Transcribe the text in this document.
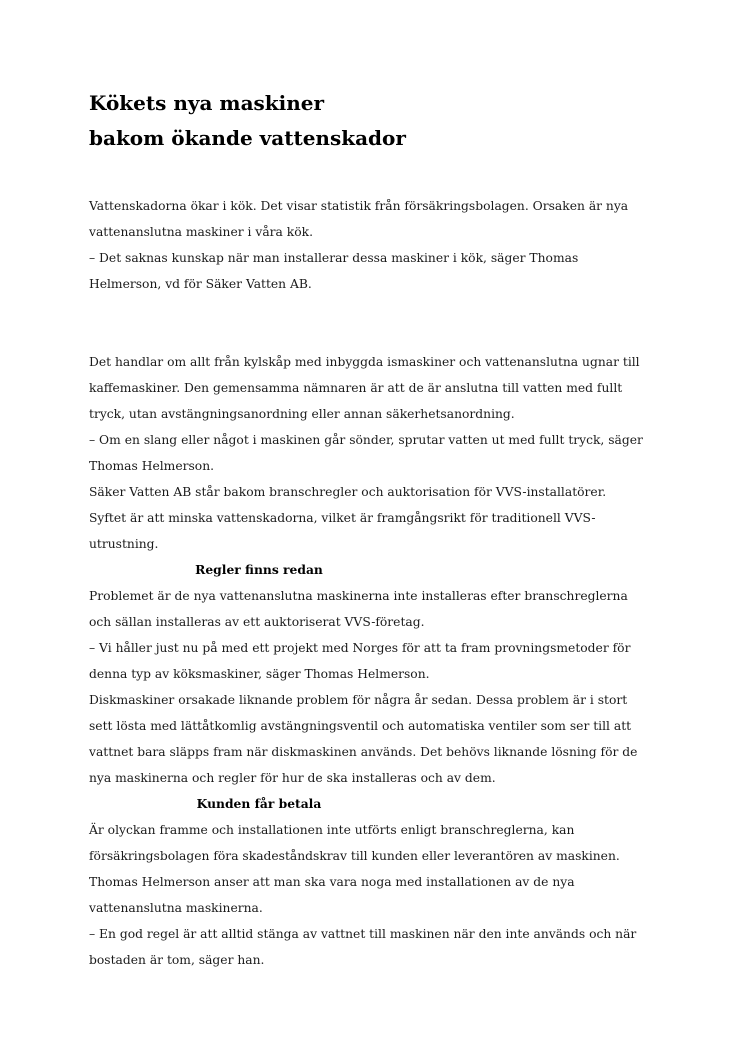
Kökets nya maskiner
bakom ökande vattenskador

Vattenskadorna ökar i kök. Det visar statistik från försäkringsbolagen. Orsaken är nya
vattenanslutna maskiner i våra kök.
– Det saknas kunskap när man installerar dessa maskiner i kök, säger Thomas
Helmerson, vd för Säker Vatten AB.

Det handlar om allt från kylskåp med inbyggda ismaskiner och vattenanslutna ugnar till
kaffemaskiner. Den gemensamma nämnaren är att de är anslutna till vatten med fullt
tryck, utan avstängningsanordning eller annan säkerhetsanordning.
– Om en slang eller något i maskinen går sönder, sprutar vatten ut med fullt tryck, säger
Thomas Helmerson.
Säker Vatten AB står bakom branschregler och auktorisation för VVS-installatörer.
Syftet är att minska vattenskadorna, vilket är framgångsrikt för traditionell VVS-
utrustning.

Regler finns redan

Problemet är de nya vattenanslutna maskinerna inte installeras efter branschreglerna
och sällan installeras av ett auktoriserat VVS-företag.
– Vi håller just nu på med ett projekt med Norges för att ta fram provningsmetoder för
denna typ av köksmaskiner, säger Thomas Helmerson.
Diskmaskiner orsakade liknande problem för några år sedan. Dessa problem är i stort
sett lösta med lättåtkomlig avstängningsventil och automatiska ventiler som ser till att
vattnet bara släpps fram när diskmaskinen används. Det behövs liknande lösning för de
nya maskinerna och regler för hur de ska installeras och av dem.

Kunden får betala

Är olyckan framme och installationen inte utförts enligt branschreglerna, kan
försäkringsbolagen föra skadeståndskrav till kunden eller leverantören av maskinen.
Thomas Helmerson anser att man ska vara noga med installationen av de nya
vattenanslutna maskinerna.
– En god regel är att alltid stänga av vattnet till maskinen när den inte används och när
bostaden är tom, säger han.
